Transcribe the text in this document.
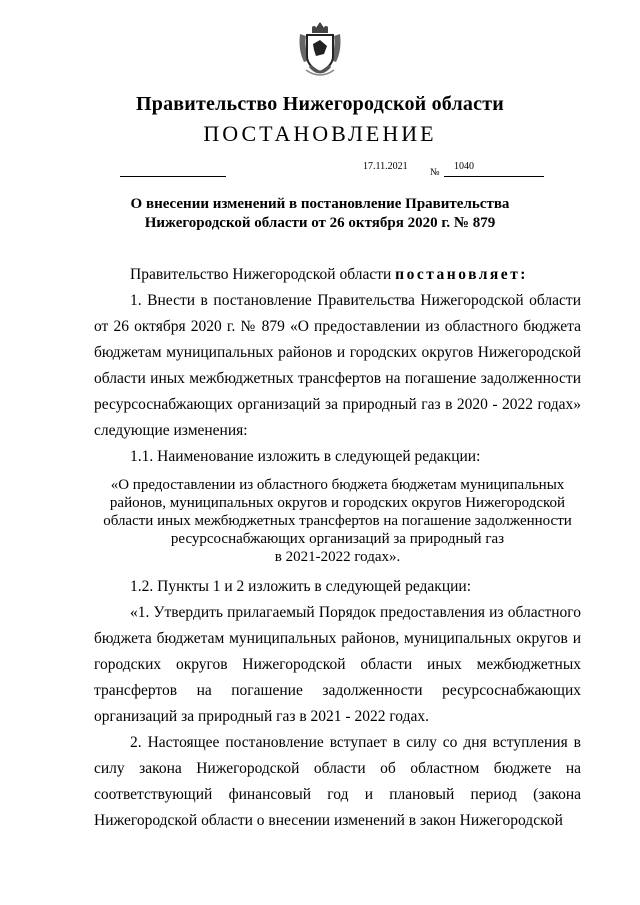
Правительство Нижегородской области
ПОСТАНОВЛЕНИЕ
17.11.2021
№
1040
О внесении изменений в постановление Правительства
Нижегородской области от 26 октября 2020 г. № 879

Правительство Нижегородской области постановляет:

1. Внести в постановление Правительства Нижегородской области от 26 октября 2020 г. № 879 «О предоставлении из областного бюджета бюджетам муниципальных районов и городских округов Нижегородской области иных межбюджетных трансфертов на погашение задолженности ресурсоснабжающих организаций за природный газ в 2020 - 2022 годах» следующие изменения:

1.1. Наименование изложить в следующей редакции:

«О предоставлении из областного бюджета бюджетам муниципальных
районов, муниципальных округов и городских округов Нижегородской
области иных межбюджетных трансфертов на погашение задолженности
ресурсоснабжающих организаций за природный газ
в 2021-2022 годах».

1.2. Пункты 1 и 2 изложить в следующей редакции:

«1. Утвердить прилагаемый Порядок предоставления из областного бюджета бюджетам муниципальных районов, муниципальных округов и городских округов Нижегородской области иных межбюджетных трансфертов на погашение задолженности ресурсоснабжающих организаций за природный газ в 2021 - 2022 годах.

2. Настоящее постановление вступает в силу со дня вступления в силу закона Нижегородской области об областном бюджете на соответствующий финансовый год и плановый период (закона Нижегородской области о внесении изменений в закон Нижегородской
